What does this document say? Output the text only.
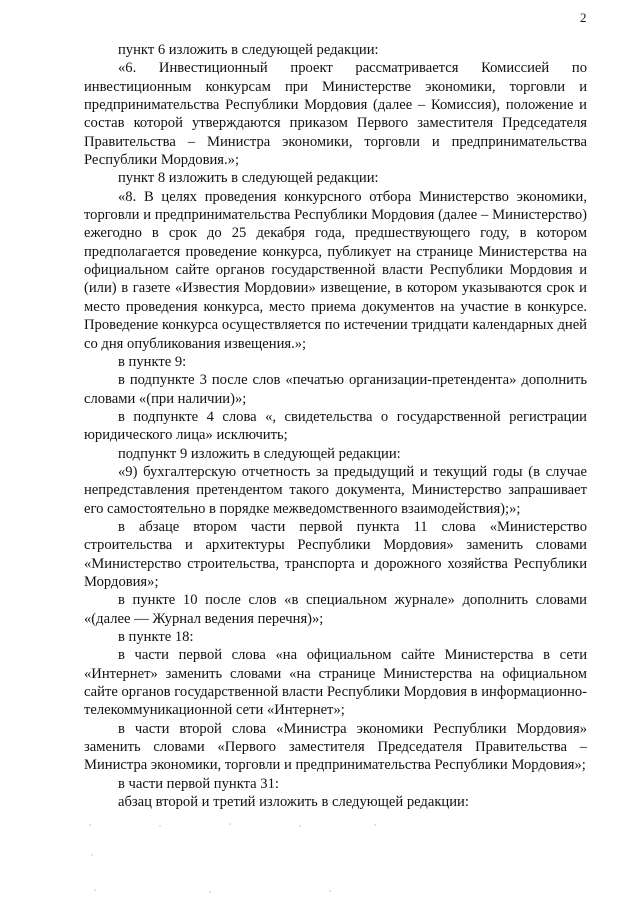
2

пункт 6 изложить в следующей редакции:

«6. Инвестиционный проект рассматривается Комиссией по инвестиционным конкурсам при Министерстве экономики, торговли и предпринимательства Республики Мордовия (далее – Комиссия), положение и состав которой утверждаются приказом Первого заместителя Председателя Правительства – Министра экономики, торговли и предпринимательства Республики Мордовия.»;

пункт 8 изложить в следующей редакции:

«8. В целях проведения конкурсного отбора Министерство экономики, торговли и предпринимательства Республики Мордовия (далее – Министерство) ежегодно в срок до 25 декабря года, предшествующего году, в котором предполагается проведение конкурса, публикует на странице Министерства на официальном сайте органов государственной власти Республики Мордовия и (или) в газете «Известия Мордовии» извещение, в котором указываются срок и место проведения конкурса, место приема документов на участие в конкурсе. Проведение конкурса осуществляется по истечении тридцати календарных дней со дня опубликования извещения.»;

в пункте 9:

в подпункте 3 после слов «печатью организации-претендента» дополнить словами «(при наличии)»;

в подпункте 4 слова «, свидетельства о государственной регистрации юридического лица» исключить;

подпункт 9 изложить в следующей редакции:

«9) бухгалтерскую отчетность за предыдущий и текущий годы (в случае непредставления претендентом такого документа, Министерство запрашивает его самостоятельно в порядке межведомственного взаимодействия);»;

в абзаце втором части первой пункта 11 слова «Министерство строительства и архитектуры Республики Мордовия» заменить словами «Министерство строительства, транспорта и дорожного хозяйства Республики Мордовия»;

в пункте 10 после слов «в специальном журнале» дополнить словами «(далее — Журнал ведения перечня)»;

в пункте 18:

в части первой слова «на официальном сайте Министерства в сети «Интернет» заменить словами «на странице Министерства на официальном сайте органов государственной власти Республики Мордовия в информационно-телекоммуникационной сети «Интернет»;

в части второй слова «Министра экономики Республики Мордовия» заменить словами «Первого заместителя Председателя Правительства – Министра экономики, торговли и предпринимательства Республики Мордовия»;

в части первой пункта 31:

абзац второй и третий изложить в следующей редакции:
